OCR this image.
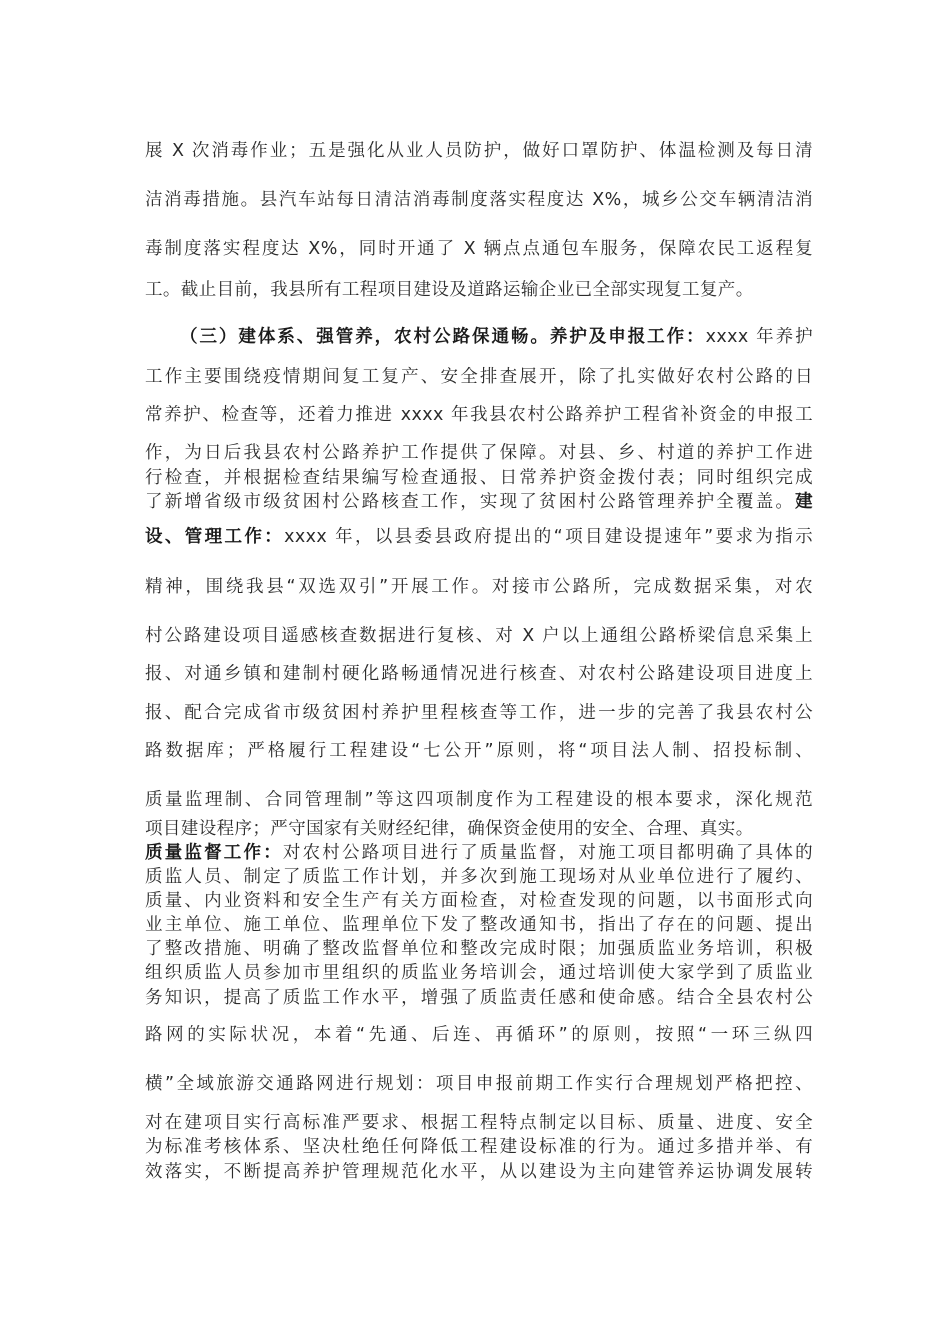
展 X 次消毒作业；五是强化从业人员防护，做好口罩防护、体温检测及每日清
洁消毒措施。县汽车站每日清洁消毒制度落实程度达 X%，城乡公交车辆清洁消
毒制度落实程度达 X%，同时开通了 X 辆点点通包车服务，保障农民工返程复
工。截止目前，我县所有工程项目建设及道路运输企业已全部实现复工复产。
（三）建体系、强管养，农村公路保通畅。养护及申报工作：xxxx 年养护
工作主要围绕疫情期间复工复产、安全排查展开，除了扎实做好农村公路的日
常养护、检查等，还着力推进 xxxx 年我县农村公路养护工程省补资金的申报工
作，为日后我县农村公路养护工作提供了保障。对县、乡、村道的养护工作进
行检查，并根据检查结果编写检查通报、日常养护资金拨付表；同时组织完成
了新增省级市级贫困村公路核查工作，实现了贫困村公路管理养护全覆盖。建
设、管理工作：xxxx 年，以县委县政府提出的“项目建设提速年”要求为指示
精神，围绕我县“双选双引”开展工作。对接市公路所，完成数据采集，对农
村公路建设项目遥感核查数据进行复核、对 X 户以上通组公路桥梁信息采集上
报、对通乡镇和建制村硬化路畅通情况进行核查、对农村公路建设项目进度上
报、配合完成省市级贫困村养护里程核查等工作，进一步的完善了我县农村公
路数据库；严格履行工程建设“七公开”原则，将“项目法人制、招投标制、
质量监理制、合同管理制”等这四项制度作为工程建设的根本要求，深化规范
项目建设程序；严守国家有关财经纪律，确保资金使用的安全、合理、真实。
质量监督工作：对农村公路项目进行了质量监督，对施工项目都明确了具体的
质监人员、制定了质监工作计划，并多次到施工现场对从业单位进行了履约、
质量、内业资料和安全生产有关方面检查，对检查发现的问题，以书面形式向
业主单位、施工单位、监理单位下发了整改通知书，指出了存在的问题、提出
了整改措施、明确了整改监督单位和整改完成时限；加强质监业务培训，积极
组织质监人员参加市里组织的质监业务培训会，通过培训使大家学到了质监业
务知识，提高了质监工作水平，增强了质监责任感和使命感。结合全县农村公
路网的实际状况，本着“先通、后连、再循环”的原则，按照“一环三纵四
横”全域旅游交通路网进行规划：项目申报前期工作实行合理规划严格把控、
对在建项目实行高标准严要求、根据工程特点制定以目标、质量、进度、安全
为标准考核体系、坚决杜绝任何降低工程建设标准的行为。通过多措并举、有
效落实，不断提高养护管理规范化水平，从以建设为主向建管养运协调发展转
